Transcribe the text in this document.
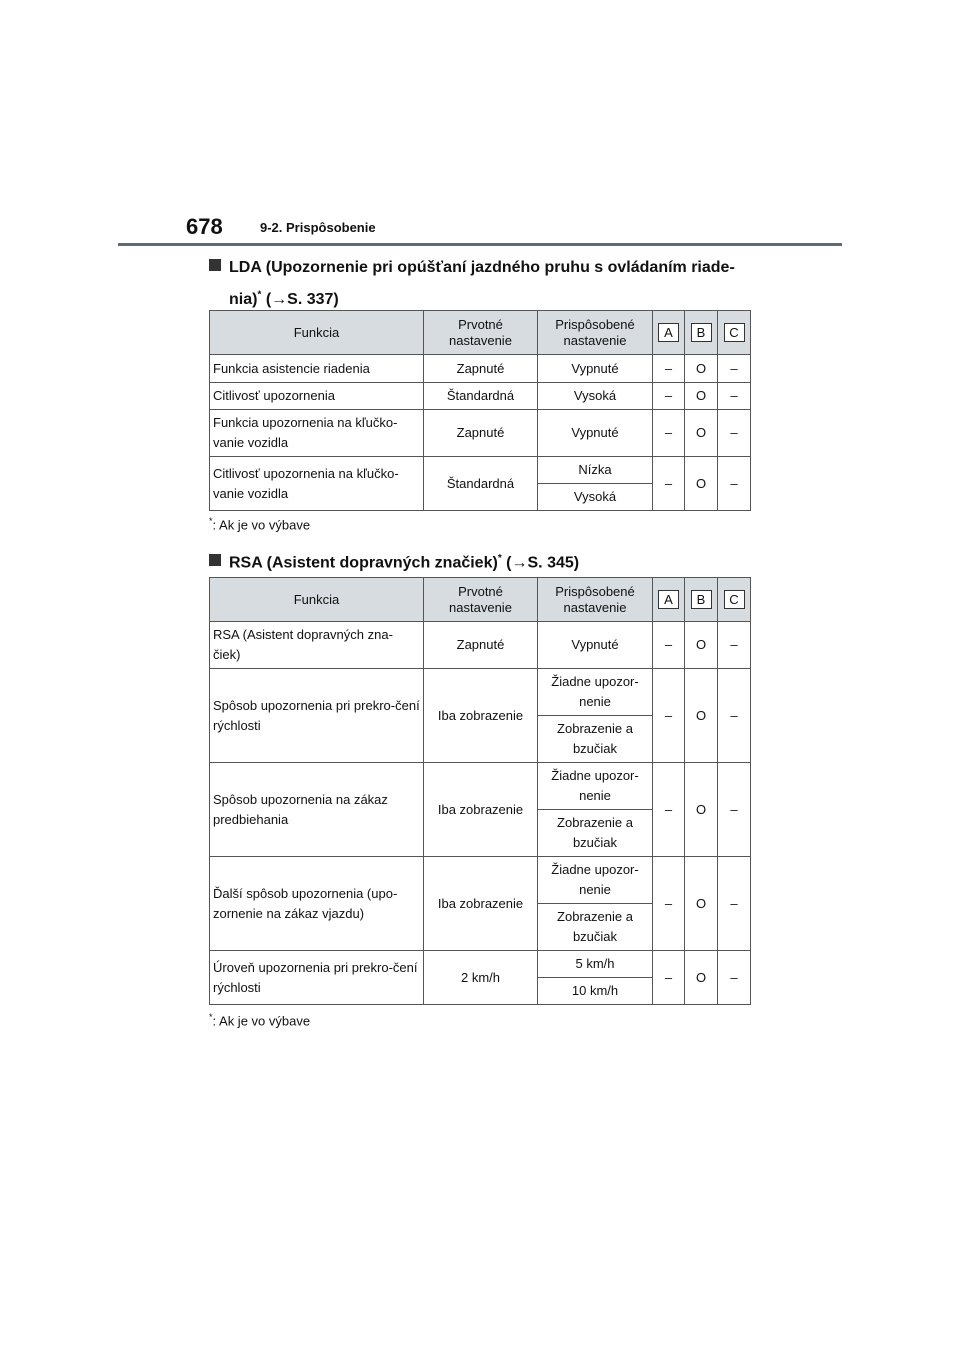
678	9-2. Prispôsobenie
LDA (Upozornenie pri opúšťaní jazdného pruhu s ovládaním riade-
nia)* (→S. 337)
Funkcia	Prvotné nastavenie	Prispôsobené nastavenie	A	B	C
Funkcia asistencie riadenia	Zapnuté	Vypnuté	–	O	–
Citlivosť upozornenia	Štandardná	Vysoká	–	O	–
Funkcia upozornenia na kľučko-vanie vozidla	Zapnuté	Vypnuté	–	O	–
Citlivosť upozornenia na kľučko-vanie vozidla	Štandardná	Nízka	–	O	–
		Vysoká			
*: Ak je vo výbave
RSA (Asistent dopravných značiek)* (→S. 345)
Funkcia	Prvotné nastavenie	Prispôsobené nastavenie	A	B	C
RSA (Asistent dopravných zna-čiek)	Zapnuté	Vypnuté	–	O	–
Spôsob upozornenia pri prekro-čení rýchlosti	Iba zobrazenie	Žiadne upozor-nenie	–	O	–
		Zobrazenie a bzučiak			
Spôsob upozornenia na zákaz predbiehania	Iba zobrazenie	Žiadne upozor-nenie	–	O	–
		Zobrazenie a bzučiak			
Ďalší spôsob upozornenia (upo-zornenie na zákaz vjazdu)	Iba zobrazenie	Žiadne upozor-nenie	–	O	–
		Zobrazenie a bzučiak			
Úroveň upozornenia pri prekro-čení rýchlosti	2 km/h	5 km/h	–	O	–
		10 km/h			
*: Ak je vo výbave
